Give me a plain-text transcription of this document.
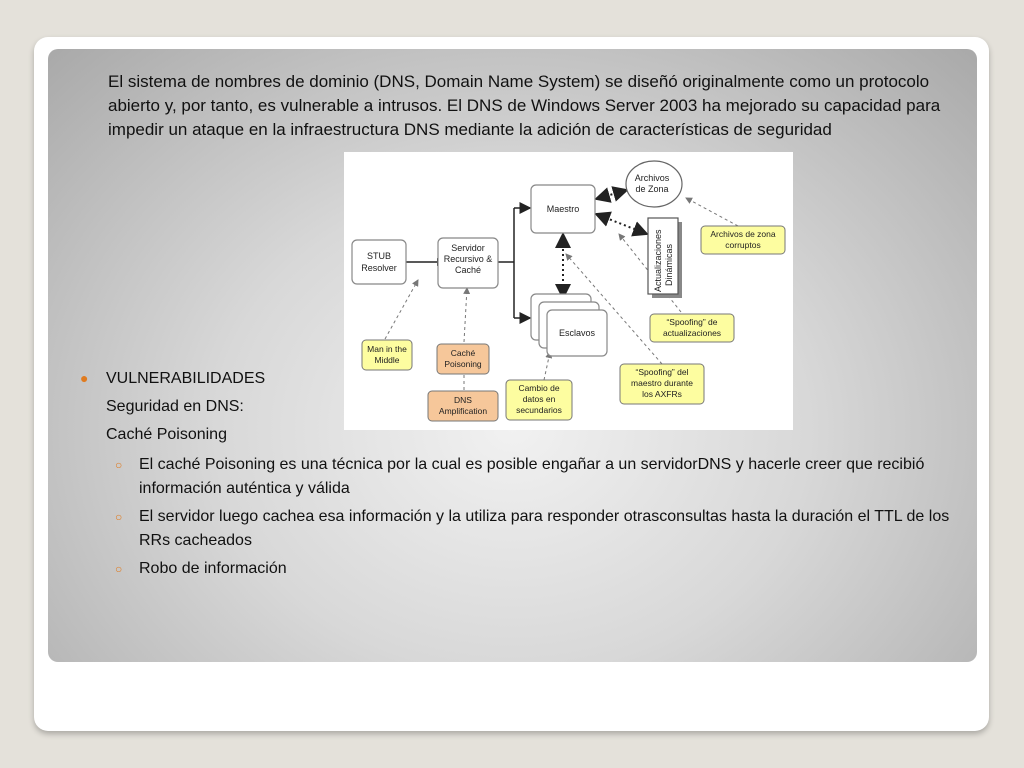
El sistema de nombres de dominio (DNS, Domain Name System) se diseñó originalmente como un protocolo abierto y, por tanto, es vulnerable a intrusos. El DNS de Windows Server 2003 ha mejorado su capacidad para impedir un ataque en la infraestructura DNS mediante la adición de características de seguridad
STUB
Resolver
Servidor
Recursivo &
Caché
Maestro
Esclavos
Archivos
de Zona
Actualizaciones Dinámicas
Archivos de zona
corruptos
“Spoofing” de
actualizaciones
“Spoofing” del
maestro durante
los AXFRs
Cambio de
datos en
secundarios
Man in the
Middle
Caché
Poisoning
DNS
Amplification
● VULNERABILIDADES
Seguridad en DNS:
Caché Poisoning
○ El caché Poisoning es una técnica por la cual es posible engañar a un servidorDNS y hacerle creer que recibió información auténtica y válida
○ El servidor luego cachea esa información y la utiliza para responder otrasconsultas hasta la duración el TTL de los RRs cacheados
○ Robo de información
